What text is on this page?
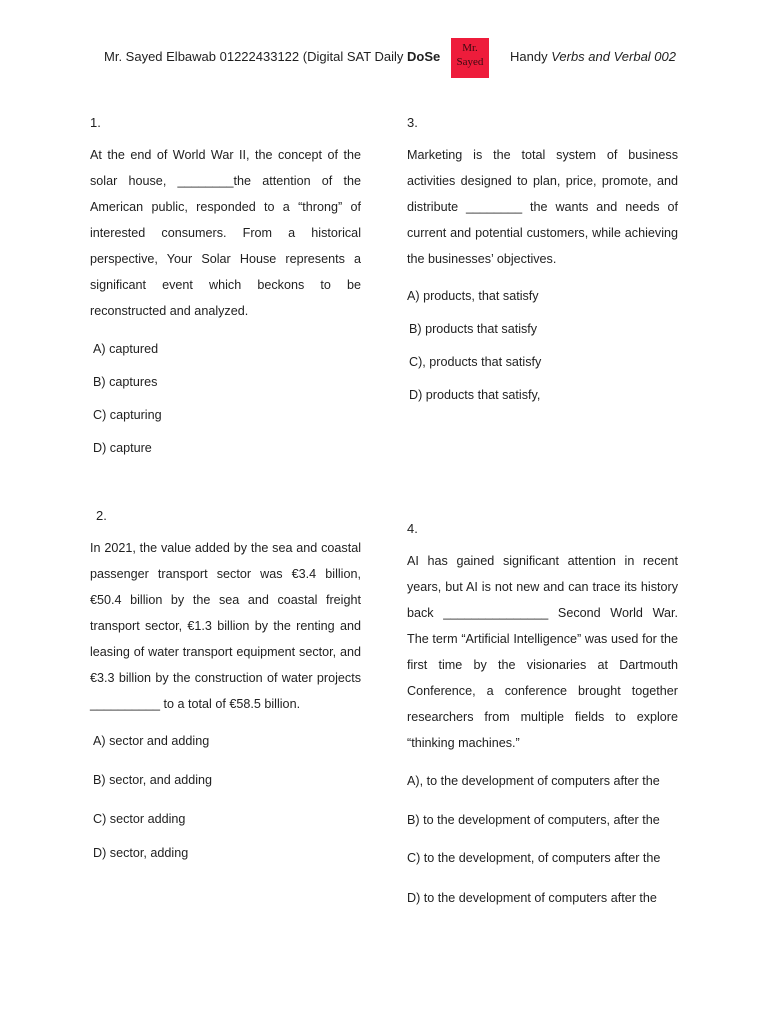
Mr. Sayed Elbawab 01222433122 (Digital SAT Daily DoSe
Mr.
Sayed	Handy Verbs and Verbal 002
1.
At the end of World War II, the concept of the solar house, ________the attention of the American public, responded to a “throng” of interested consumers. From a historical perspective, Your Solar House represents a significant event which beckons to be reconstructed and analyzed.
A) captured
B) captures
C) capturing
D) capture
2.
In 2021, the value added by the sea and coastal passenger transport sector was €3.4 billion, €50.4 billion by the sea and coastal freight transport sector, €1.3 billion by the renting and leasing of water transport equipment sector, and €3.3 billion by the construction of water projects __________ to a total of €58.5 billion.
A) sector and adding
B) sector, and adding
C) sector adding
D) sector, adding
3.
Marketing is the total system of business activities designed to plan, price, promote, and distribute ________ the wants and needs of current and potential customers, while achieving the businesses’ objectives.
A) products, that satisfy
B) products that satisfy
C), products that satisfy
D) products that satisfy,
4.
AI has gained significant attention in recent years, but AI is not new and can trace its history back _______________ Second World War. The term “Artificial Intelligence” was used for the first time by the visionaries at Dartmouth Conference, a conference brought together researchers from multiple fields to explore “thinking machines.”
A), to the development of computers after the
B) to the development of computers, after the
C) to the development, of computers after the
D) to the development of computers after the
